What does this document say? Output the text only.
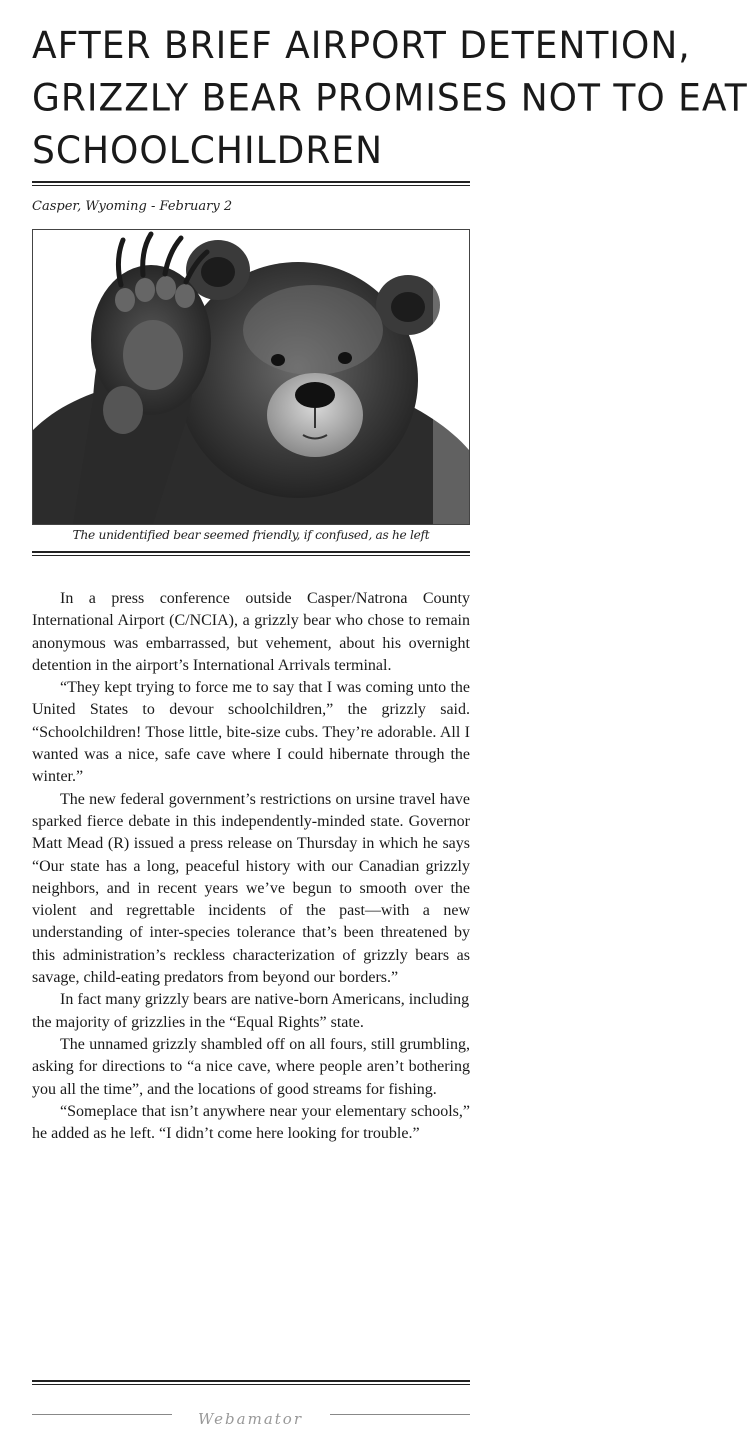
AFTER BRIEF AIRPORT DETENTION,
GRIZZLY BEAR PROMISES NOT TO EAT
SCHOOLCHILDREN
Casper, Wyoming - February 2
The unidentified bear seemed friendly, if confused, as he left

In a press conference outside Casper/Natrona County International Airport (C/NCIA), a grizzly bear who chose to remain anonymous was embarrassed, but vehement, about his overnight detention in the airport’s International Arrivals terminal.

“They kept trying to force me to say that I was coming unto the United States to devour schoolchildren,” the grizzly said. “Schoolchildren! Those little, bite-size cubs. They’re adorable. All I wanted was a nice, safe cave where I could hibernate through the winter.”

The new federal government’s restrictions on ursine travel have sparked fierce debate in this independently-minded state. Governor Matt Mead (R) issued a press release on Thursday in which he says “Our state has a long, peaceful history with our Canadian grizzly neighbors, and in recent years we’ve begun to smooth over the violent and regrettable incidents of the past—with a new understanding of inter-species tolerance that’s been threatened by this administration’s reckless characterization of grizzly bears as savage, child-eating predators from beyond our borders.”

In fact many grizzly bears are native-born Americans, including the majority of grizzlies in the “Equal Rights” state.

The unnamed grizzly shambled off on all fours, still grumbling, asking for directions to “a nice cave, where people aren’t bothering you all the time”, and the locations of good streams for fishing.

“Someplace that isn’t anywhere near your elementary schools,” he added as he left. “I didn’t come here looking for trouble.”

Webamator
